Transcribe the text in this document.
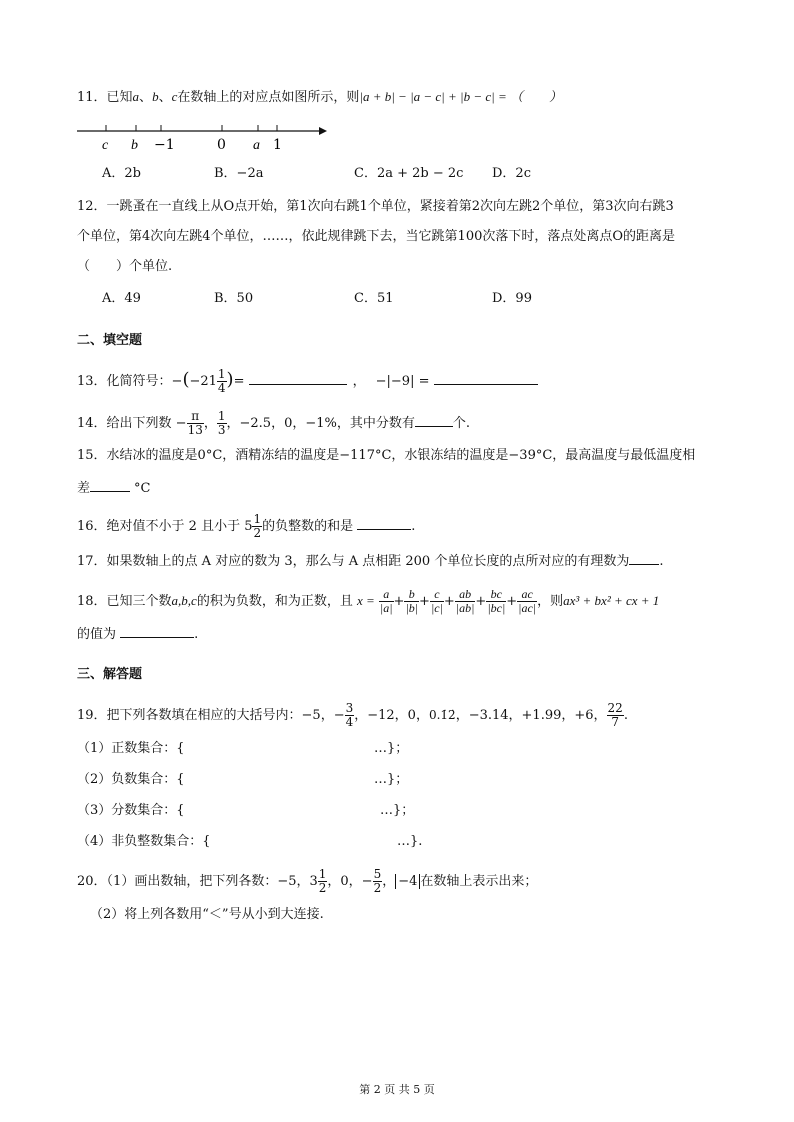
11．已知a、b、c在数轴上的对应点如图所示，则|a + b| − |a − c| + |b − c| = （　　）
c b −1	0 a 1
A．2b	B．−2a	C．2a + 2b − 2c D．2c
12．一跳蚤在一直线上从O点开始，第1次向右跳1个单位，紧接着第2次向左跳2个单位，第3次向右跳3
个单位，第4次向左跳4个单位，……，依此规律跳下去，当它跳第100次落下时，落点处离点O的距离是
（　　）个单位.
A．49	B．50	C．51	D．99
二、填空题
13．化简符号：$-(-21 \frac{1}{4}$ )=	， −|−9| =
14．给出下列数 − $\frac{\pi}{13}$ ， $\frac{1}{3}$ ，−2.5，0，−1%，其中分数有	个.
15．水结冰的温度是0°C，酒精冻结的温度是−117°C，水银冻结的温度是−39°C，最高温度与最低温度相
差	°C
16．绝对值不小于 2 且小于 $5 \frac{1}{2}$ 的负整数的和是	.
17．如果数轴上的点 A 对应的数为 3，那么与 A 点相距 200 个单位长度的点所对应的有理数为 .
18．已知三个数a,b,c的积为负数，和为正数，且 $x = \frac{a}{|a|} + \frac{b}{|b|} + \frac{c}{|c|} + \frac{ab}{|ab|} + \frac{bc}{|bc|} + \frac{ac}{|ac|}$ ，则ax³ + bx² + cx + 1
的值为	.
三、解答题
19．把下列各数填在相应的大括号内：−5，− $\frac{3}{4}$ ，−12，0，0.1̇2̇，−3.14，+1.99，+6， $\frac{22}{7}$ .
（1）正数集合：{	…}；
（2）负数集合：{	…}；
（3）分数集合：{	…}；
（4）非负整数集合：{	…}.
20．（1）画出数轴，把下列各数：−5，$3 \frac{1}{2}$ ，0，− $\frac{5}{2}$ ， −4 在数轴上表示出来；
（2）将上列各数用“＜”号从小到大连接.
第 2 页 共 5 页
